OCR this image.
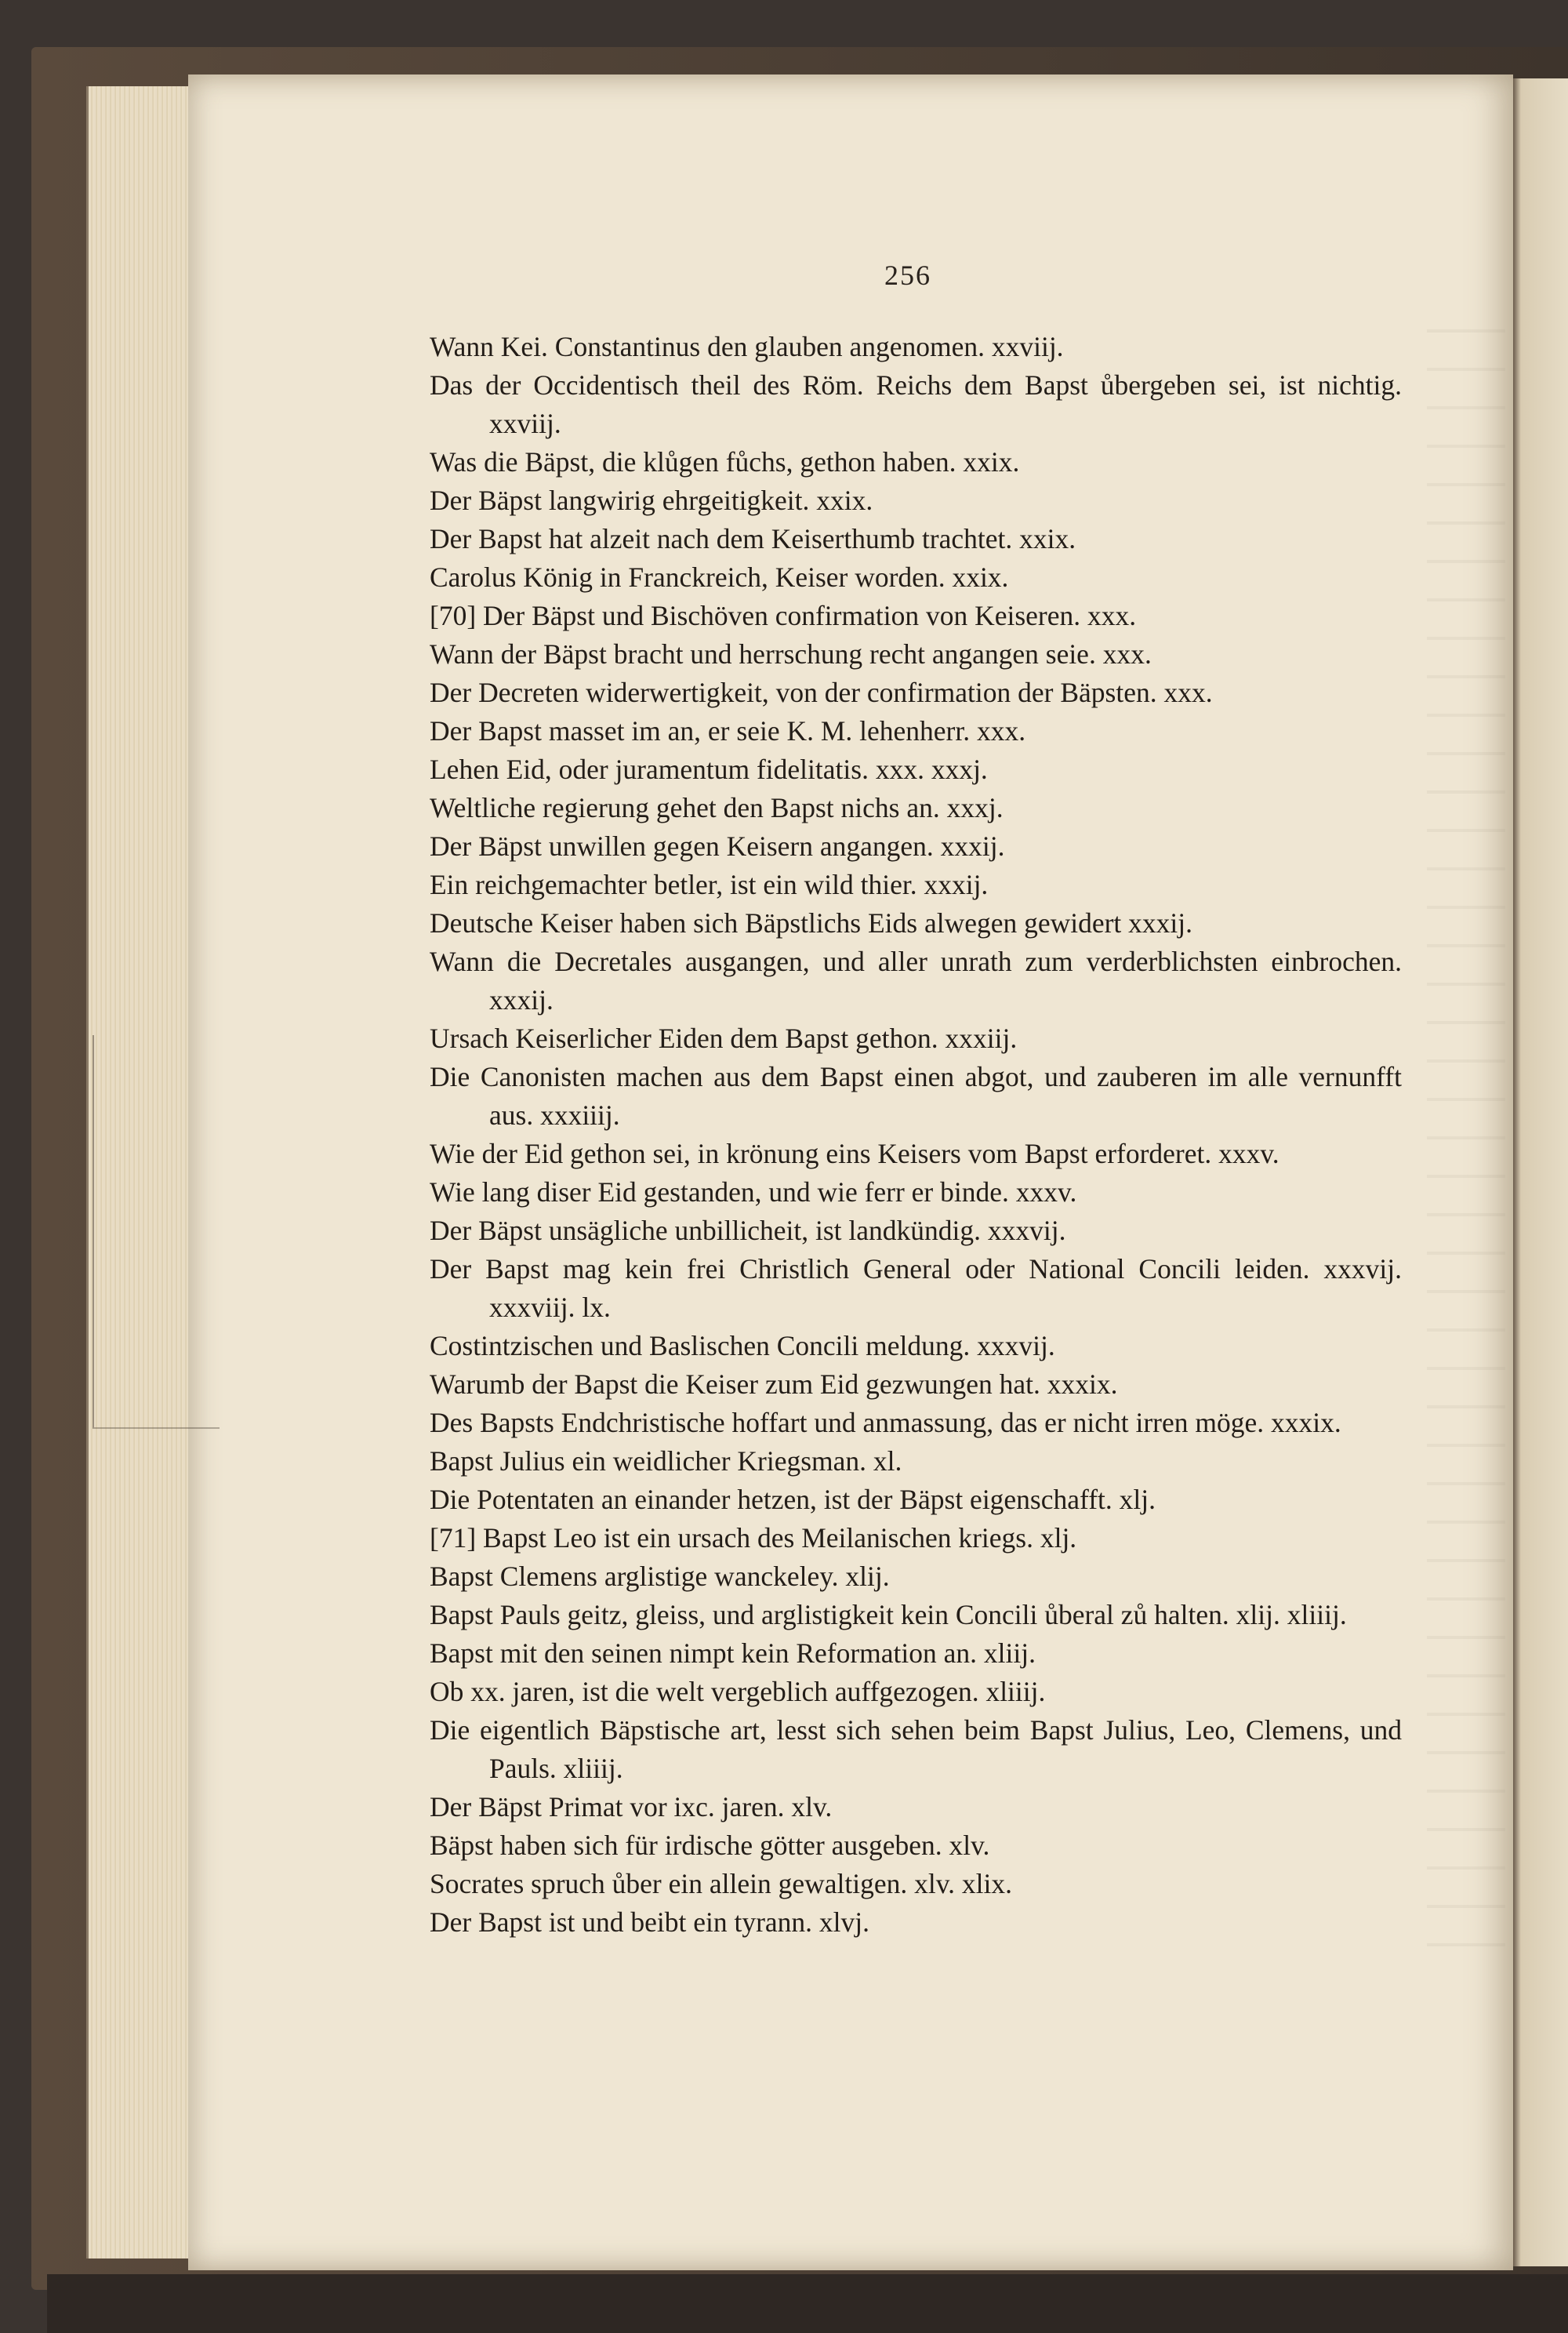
256
Wann Kei. Constantinus den glauben angenomen. xxviij.
Das der Occidentisch theil des Röm. Reichs dem Bapst ůbergeben sei, ist nichtig. xxviij.
Was die Bäpst, die klůgen fůchs, gethon haben. xxix.
Der Bäpst langwirig ehrgeitigkeit. xxix.
Der Bapst hat alzeit nach dem Keiserthumb trachtet. xxix.
Carolus König in Franckreich, Keiser worden. xxix.
[70] Der Bäpst und Bischöven confirmation von Keiseren. xxx.
Wann der Bäpst bracht und herrschung recht angangen seie. xxx.
Der Decreten widerwertigkeit, von der confirmation der Bäpsten. xxx.
Der Bapst masset im an, er seie K. M. lehenherr. xxx.
Lehen Eid, oder juramentum fidelitatis. xxx. xxxj.
Weltliche regierung gehet den Bapst nichs an. xxxj.
Der Bäpst unwillen gegen Keisern angangen. xxxij.
Ein reichgemachter betler, ist ein wild thier. xxxij.
Deutsche Keiser haben sich Bäpstlichs Eids alwegen gewidert xxxij.
Wann die Decretales ausgangen, und aller unrath zum verderblichsten einbrochen. xxxij.
Ursach Keiserlicher Eiden dem Bapst gethon. xxxiij.
Die Canonisten machen aus dem Bapst einen abgot, und zauberen im alle vernunfft aus. xxxiiij.
Wie der Eid gethon sei, in krönung eins Keisers vom Bapst erforderet. xxxv.
Wie lang diser Eid gestanden, und wie ferr er binde. xxxv.
Der Bäpst unsägliche unbillicheit, ist landkündig. xxxvij.
Der Bapst mag kein frei Christlich General oder National Concili leiden. xxxvij. xxxviij. lx.
Costintzischen und Baslischen Concili meldung. xxxvij.
Warumb der Bapst die Keiser zum Eid gezwungen hat. xxxix.
Des Bapsts Endchristische hoffart und anmassung, das er nicht irren möge. xxxix.
Bapst Julius ein weidlicher Kriegsman. xl.
Die Potentaten an einander hetzen, ist der Bäpst eigenschafft. xlj.
[71] Bapst Leo ist ein ursach des Meilanischen kriegs. xlj.
Bapst Clemens arglistige wanckeley. xlij.
Bapst Pauls geitz, gleiss, und arglistigkeit kein Concili ůberal zů halten. xlij. xliiij.
Bapst mit den seinen nimpt kein Reformation an. xliij.
Ob xx. jaren, ist die welt vergeblich auffgezogen. xliiij.
Die eigentlich Bäpstische art, lesst sich sehen beim Bapst Julius, Leo, Clemens, und Pauls. xliiij.
Der Bäpst Primat vor ixc. jaren. xlv.
Bäpst haben sich für irdische götter ausgeben. xlv.
Socrates spruch ůber ein allein gewaltigen. xlv. xlix.
Der Bapst ist und beibt ein tyrann. xlvj.
